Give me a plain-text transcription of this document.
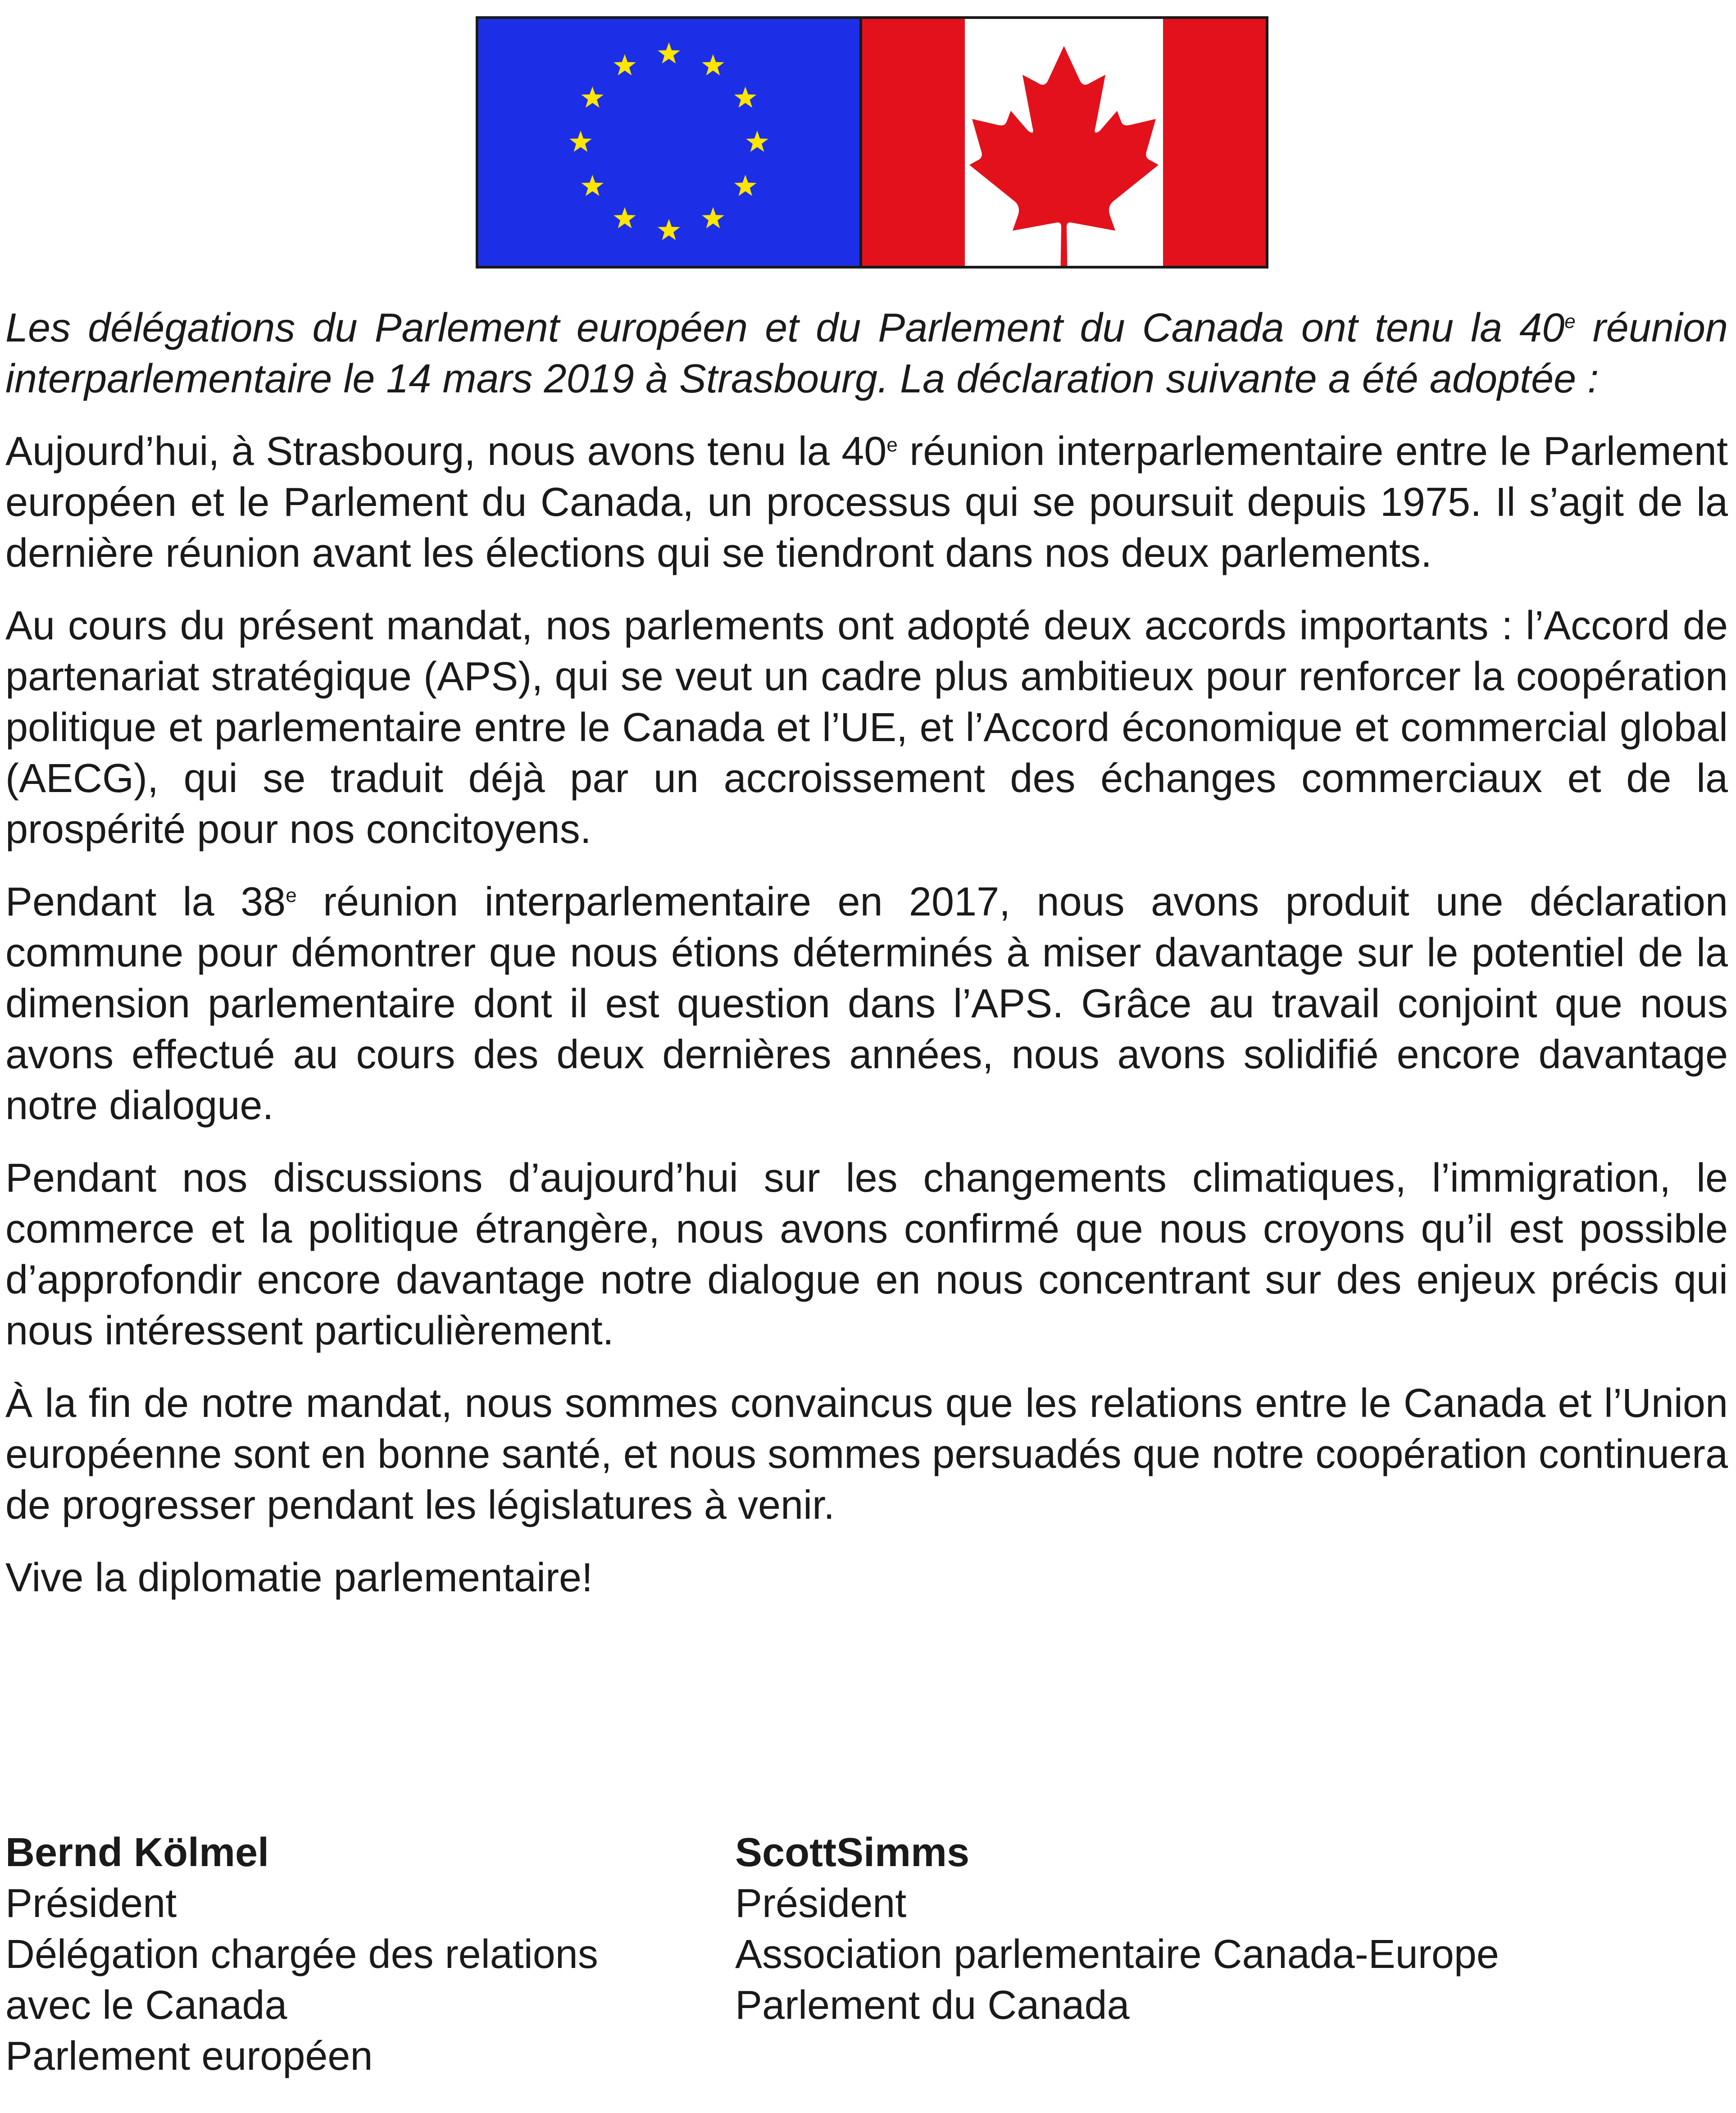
Les délégations du Parlement européen et du Parlement du Canada ont tenu la 40e réunion interparlementaire le 14 mars 2019 à Strasbourg. La déclaration suivante a été adoptée :

Aujourd’hui, à Strasbourg, nous avons tenu la 40e réunion interparlementaire entre le Parlement européen et le Parlement du Canada, un processus qui se poursuit depuis 1975. Il s’agit de la dernière réunion avant les élections qui se tiendront dans nos deux parlements.

Au cours du présent mandat, nos parlements ont adopté deux accords importants : l’Accord de partenariat stratégique (APS), qui se veut un cadre plus ambitieux pour renforcer la coopération politique et parlementaire entre le Canada et l’UE, et l’Accord économique et commercial global (AECG), qui se traduit déjà par un accroissement des échanges commerciaux et de la prospérité pour nos concitoyens.

Pendant la 38e réunion interparlementaire en 2017, nous avons produit une déclaration commune pour démontrer que nous étions déterminés à miser davantage sur le potentiel de la dimension parlementaire dont il est question dans l’APS. Grâce au travail conjoint que nous avons effectué au cours des deux dernières années, nous avons solidifié encore davantage notre dialogue.

Pendant nos discussions d’aujourd’hui sur les changements climatiques, l’immigration, le commerce et la politique étrangère, nous avons confirmé que nous croyons qu’il est possible d’approfondir encore davantage notre dialogue en nous concentrant sur des enjeux précis qui nous intéressent particulièrement.

À la fin de notre mandat, nous sommes convaincus que les relations entre le Canada et l’Union européenne sont en bonne santé, et nous sommes persuadés que notre coopération continuera de progresser pendant les législatures à venir.

Vive la diplomatie parlementaire!

Bernd Kölmel
Président
Délégation chargée des relations
avec le Canada
Parlement européen
ScottSimms
Président
Association parlementaire Canada-Europe
Parlement du Canada
